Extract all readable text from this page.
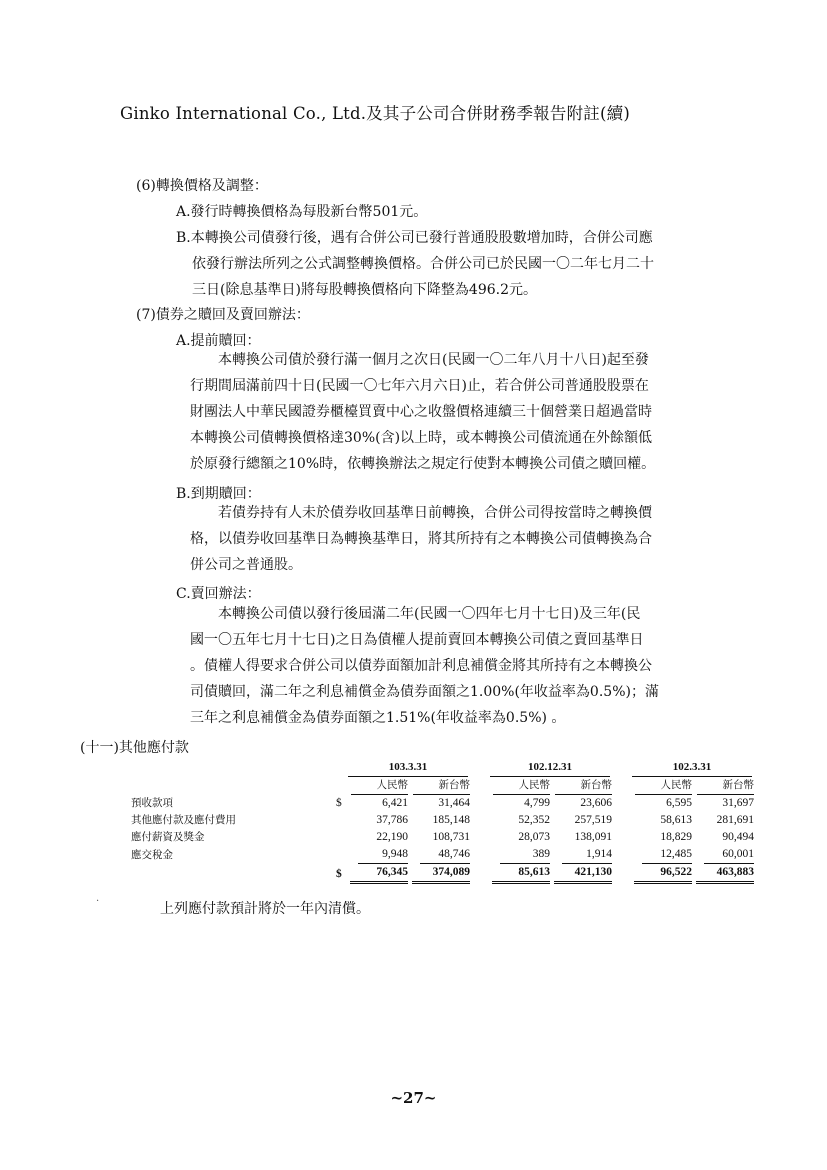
Ginko International Co., Ltd.及其子公司合併財務季報告附註(續)
(6)轉換價格及調整：
A.發行時轉換價格為每股新台幣501元。
B.本轉換公司債發行後，遇有合併公司已發行普通股股數增加時，合併公司應
依發行辦法所列之公式調整轉換價格。合併公司已於民國一〇二年七月二十
三日(除息基準日)將每股轉換價格向下降整為496.2元。
(7)債券之贖回及賣回辦法：
A.提前贖回：
本轉換公司債於發行滿一個月之次日(民國一〇二年八月十八日)起至發
行期間屆滿前四十日(民國一〇七年六月六日)止，若合併公司普通股股票在
財團法人中華民國證券櫃檯買賣中心之收盤價格連續三十個營業日超過當時
本轉換公司債轉換價格達30%(含)以上時，或本轉換公司債流通在外餘額低
於原發行總額之10%時，依轉換辦法之規定行使對本轉換公司債之贖回權。
B.到期贖回：
若債券持有人未於債券收回基準日前轉換，合併公司得按當時之轉換價
格，以債券收回基準日為轉換基準日，將其所持有之本轉換公司債轉換為合
併公司之普通股。
C.賣回辦法：
本轉換公司債以發行後屆滿二年(民國一〇四年七月十七日)及三年(民
國一〇五年七月十七日)之日為債權人提前賣回本轉換公司債之賣回基準日
。債權人得要求合併公司以債券面額加計利息補償金將其所持有之本轉換公
司債贖回，滿二年之利息補償金為債券面額之1.00%(年收益率為0.5%)；滿
三年之利息補償金為債券面額之1.51%(年收益率為0.5%) 。
(十一)其他應付款
		103.3.31			102.12.31			102.3.31	
		人民幣	新台幣		人民幣	新台幣		人民幣	新台幣
預收款項	$	6,421	31,464		4,799	23,606		6,595	31,697
其他應付款及應付費用		37,786	185,148		52,352	257,519		58,613	281,691
應付薪資及獎金		22,190	108,731		28,073	138,091		18,829	90,494
應交稅金		9,948	48,746		389	1,914		12,485	60,001
	$	76,345	374,089		85,613	421,130		96,522	463,883
.
上列應付款預計將於一年內清償。
~27~
